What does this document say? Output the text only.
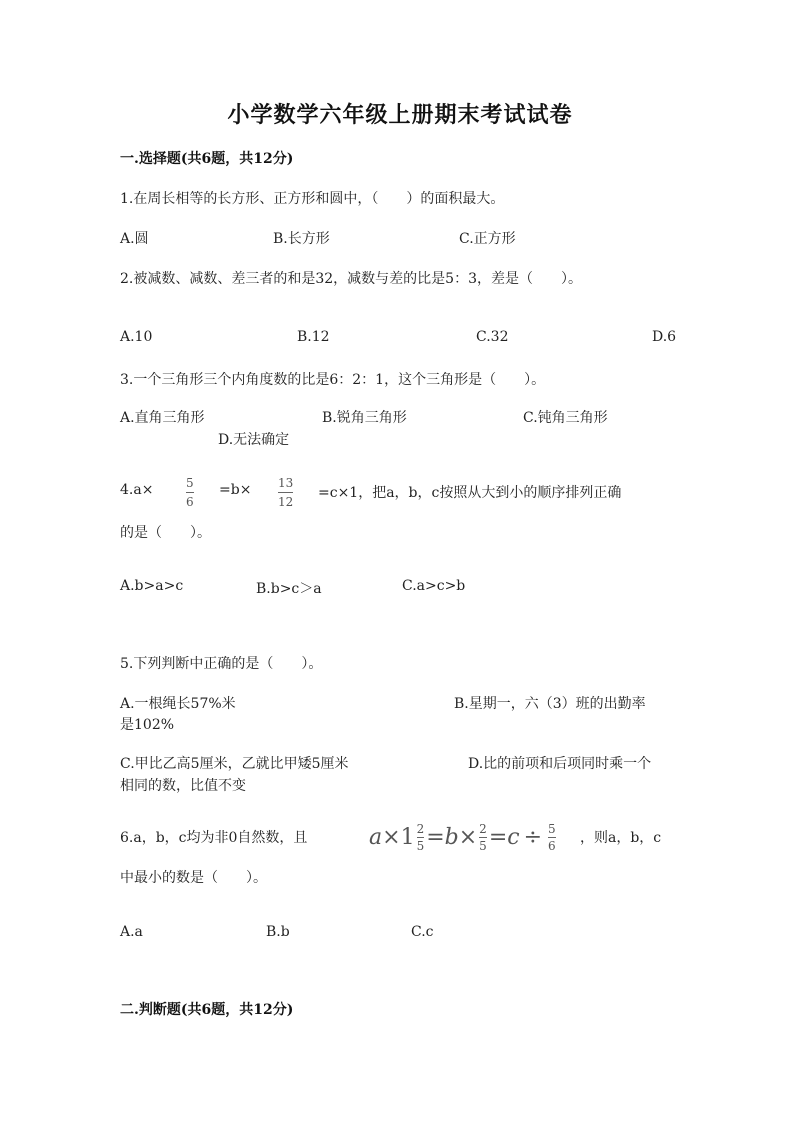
小学数学六年级上册期末考试试卷
一.选择题(共6题，共12分)
1.在周长相等的长方形、正方形和圆中，（　　）的面积最大。
A.圆	B.长方形	C.正方形
2.被减数、减数、差三者的和是32，减数与差的比是5：3，差是（　　）。
A.10	B.12	C.32	D.6
3.一个三角形三个内角度数的比是6：2：1，这个三角形是（　　）。
A.直角三角形	B.锐角三角形	C.钝角三角形
D.无法确定
4.a×	5
6
=b× 13
12
=c×1，把a，b，c按照从大到小的顺序排列正确
的是（　　）。
A.b>a>c	B.b>c＞a	C.a>c>b
5.下列判断中正确的是（　　）。
A.一根绳长57%米	B.星期一，六（3）班的出勤率
是102%
C.甲比乙高5厘米，乙就比甲矮5厘米	D.比的前项和后项同时乘一个
相同的数，比值不变
6.a，b，c均为非0自然数，且	a × 1 2
5 = b × 2
5 = c ÷ 5
6 ，则a，b，c
中最小的数是（　　）。
A.a	B.b	C.c
二.判断题(共6题，共12分)
